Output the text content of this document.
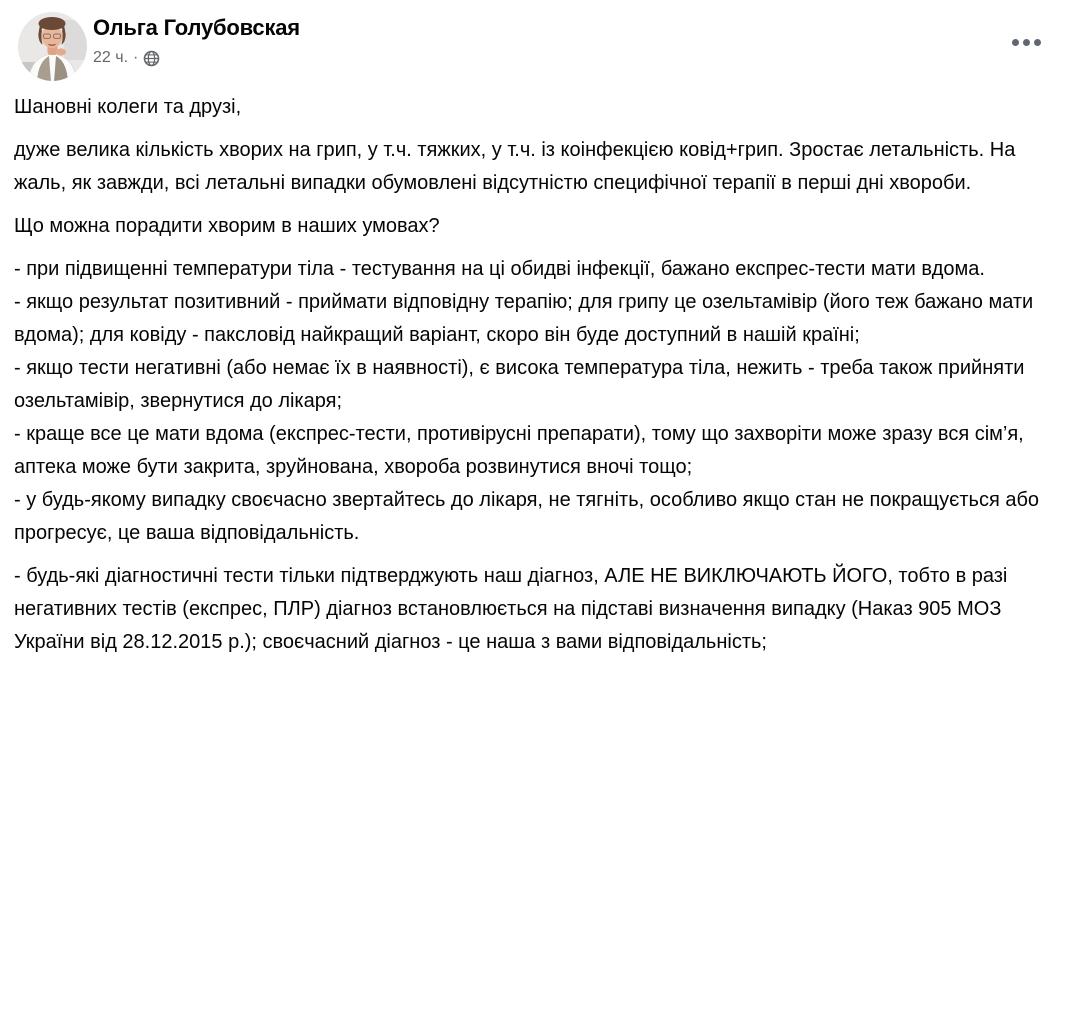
Ольга Голубовская
22 ч. ·
Шановні колеги та друзі,
дуже велика кількість хворих на грип, у т.ч. тяжких, у т.ч. із коінфекцією ковід+грип. Зростає летальність. На жаль, як завжди, всі летальні випадки обумовлені відсутністю специфічної терапії в перші дні хвороби.
Що можна порадити хворим в наших умовах?
- при підвищенні температури тіла - тестування на ці обидві інфекції, бажано експрес-тести мати вдома.
- якщо результат позитивний - приймати відповідну терапію; для грипу це озельтамівір (його теж бажано мати вдома); для ковіду - паксловід найкращий варіант, скоро він буде доступний в нашій країні;
- якщо тести негативні (або немає їх в наявності), є висока температура тіла, нежить - треба також прийняти озельтамівір, звернутися до лікаря;
- краще все це мати вдома (експрес-тести, противірусні препарати), тому що захворіти може зразу вся сім’я, аптека може бути закрита, зруйнована, хвороба розвинутися вночі тощо;
- у будь-якому випадку своєчасно звертайтесь до лікаря, не тягніть, особливо якщо стан не покращується або прогресує, це ваша відповідальність.
- будь-які діагностичні тести тільки підтверджують наш діагноз, АЛЕ НЕ ВИКЛЮЧАЮТЬ ЙОГО, тобто в разі негативних тестів (експрес, ПЛР) діагноз встановлюється на підставі визначення випадку (Наказ 905 МОЗ України від 28.12.2015 р.); своєчасний діагноз - це наша з вами відповідальність;
